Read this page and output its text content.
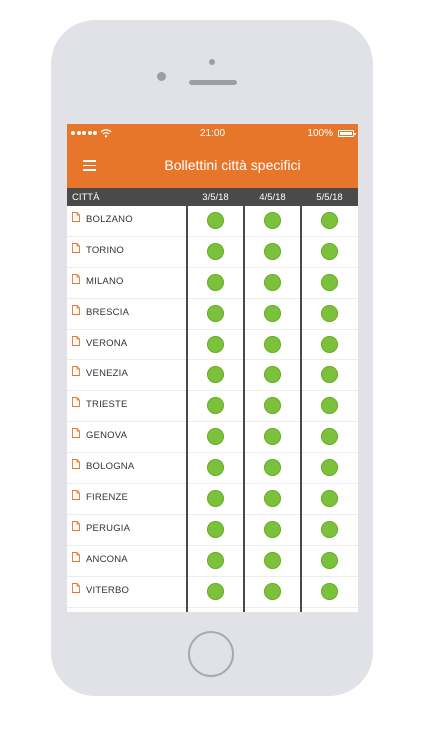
21:00	100%
Bollettini città specifici
CITTÀ	3/5/18	4/5/18	5/5/18
BOLZANO
TORINO
MILANO
BRESCIA
VERONA
VENEZIA
TRIESTE
GENOVA
BOLOGNA
FIRENZE
PERUGIA
ANCONA
VITERBO
